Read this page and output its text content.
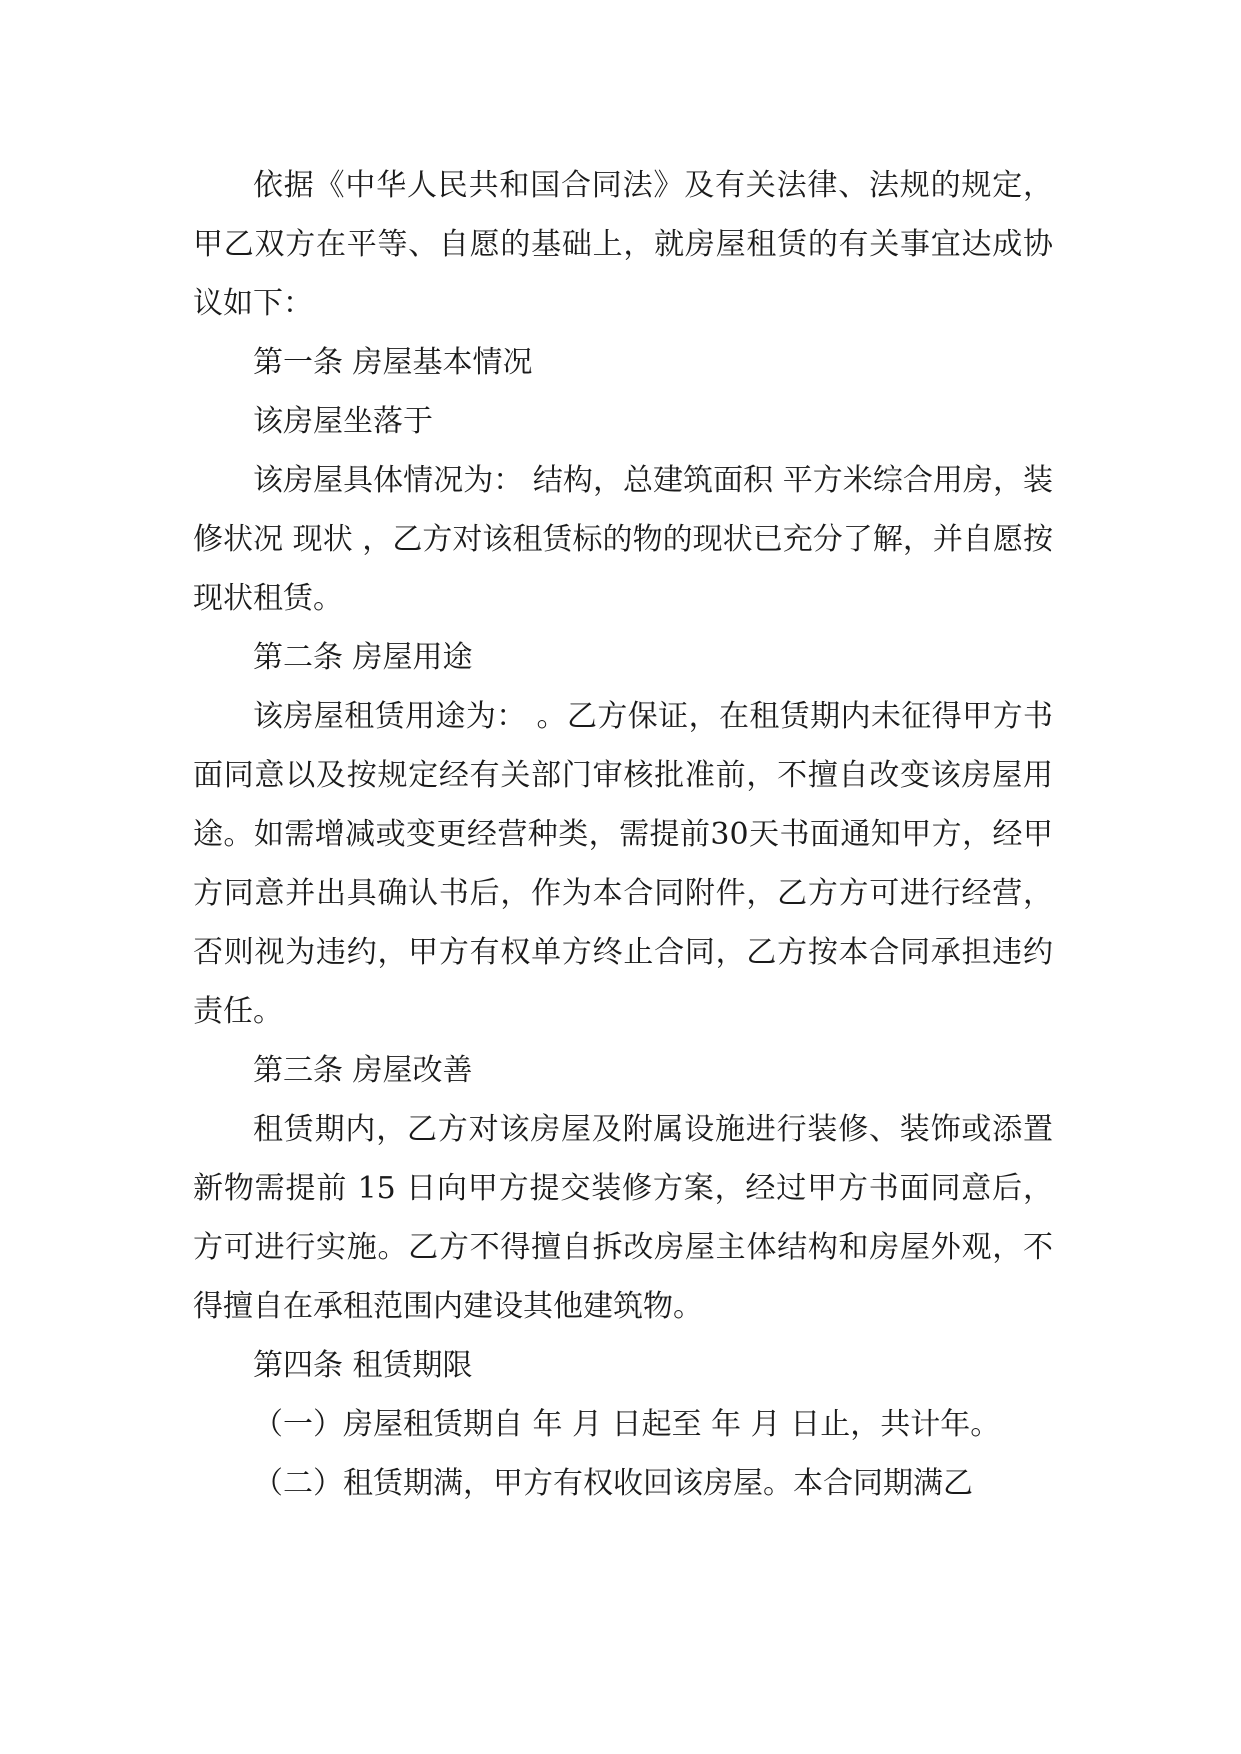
依据《中华人民共和国合同法》及有关法律、法规的规定，甲乙双方在平等、自愿的基础上，就房屋租赁的有关事宜达成协议如下：

第一条 房屋基本情况

该房屋坐落于

该房屋具体情况为： 结构，总建筑面积 平方米综合用房，装修状况 现状 ，乙方对该租赁标的物的现状已充分了解，并自愿按现状租赁。

第二条 房屋用途

该房屋租赁用途为： 。乙方保证，在租赁期内未征得甲方书面同意以及按规定经有关部门审核批准前，不擅自改变该房屋用途。如需增减或变更经营种类，需提前30天书面通知甲方，经甲方同意并出具确认书后，作为本合同附件，乙方方可进行经营，否则视为违约，甲方有权单方终止合同，乙方按本合同承担违约责任。

第三条 房屋改善

租赁期内，乙方对该房屋及附属设施进行装修、装饰或添置新物需提前 15 日向甲方提交装修方案，经过甲方书面同意后，方可进行实施。乙方不得擅自拆改房屋主体结构和房屋外观，不得擅自在承租范围内建设其他建筑物。

第四条 租赁期限

（一）房屋租赁期自 年 月 日起至 年 月 日止，共计年。

（二）租赁期满，甲方有权收回该房屋。本合同期满乙
